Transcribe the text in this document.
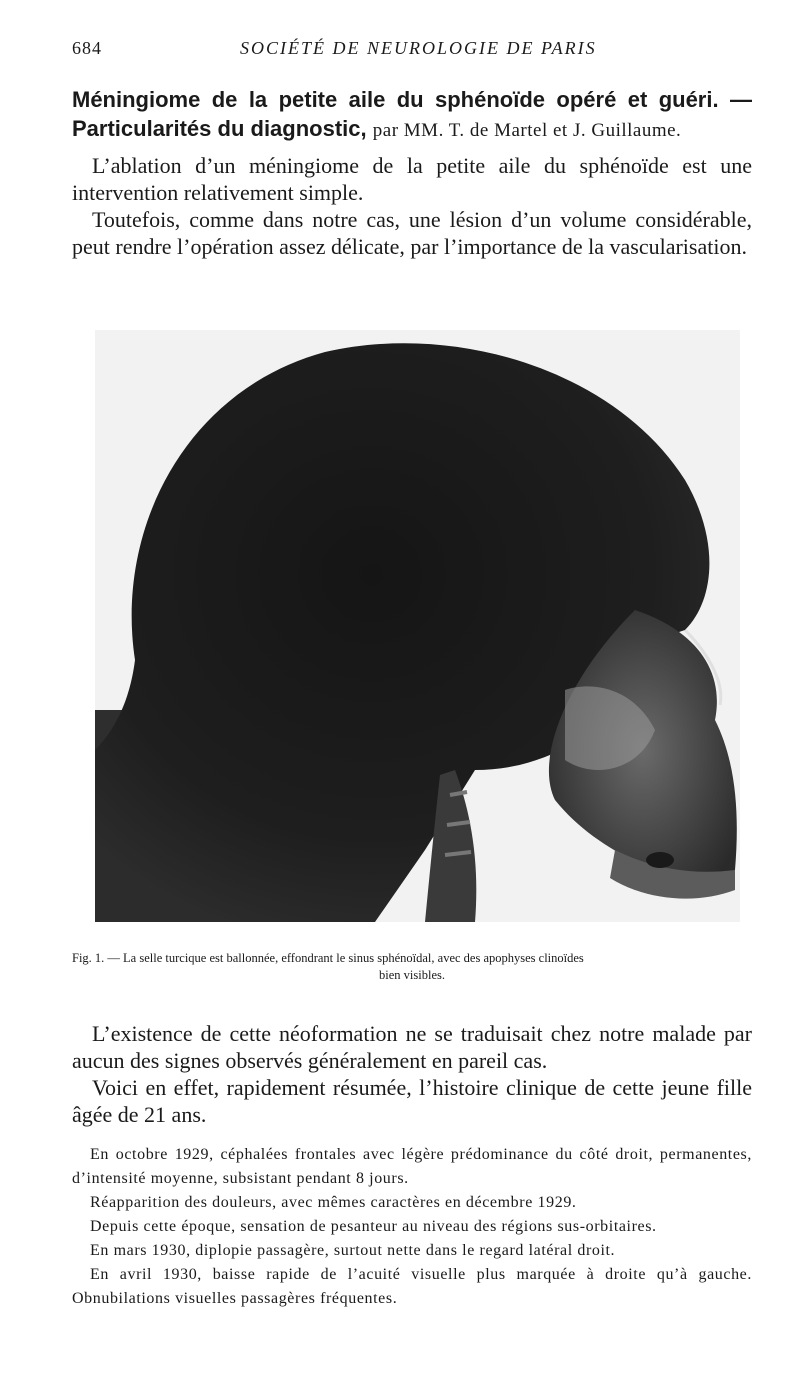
684	SOCIÉTÉ DE NEUROLOGIE DE PARIS
Méningiome de la petite aile du sphénoïde opéré et guéri. — Particularités du diagnostic, par MM. T. de Martel et J. Guillaume.

L’ablation d’un méningiome de la petite aile du sphénoïde est une intervention relativement simple.

Toutefois, comme dans notre cas, une lésion d’un volume considérable, peut rendre l’opération assez délicate, par l’importance de la vascularisation.

Fig. 1. — La selle turcique est ballonnée, effondrant le sinus sphénoïdal, avec des apophyses clinoïdes
bien visibles.

L’existence de cette néoformation ne se traduisait chez notre malade par aucun des signes observés généralement en pareil cas.

Voici en effet, rapidement résumée, l’histoire clinique de cette jeune fille âgée de 21 ans.

En octobre 1929, céphalées frontales avec légère prédominance du côté droit, permanentes, d’intensité moyenne, subsistant pendant 8 jours.

Réapparition des douleurs, avec mêmes caractères en décembre 1929.

Depuis cette époque, sensation de pesanteur au niveau des régions sus-orbitaires.

En mars 1930, diplopie passagère, surtout nette dans le regard latéral droit.

En avril 1930, baisse rapide de l’acuité visuelle plus marquée à droite qu’à gauche. Obnubilations visuelles passagères fréquentes.
